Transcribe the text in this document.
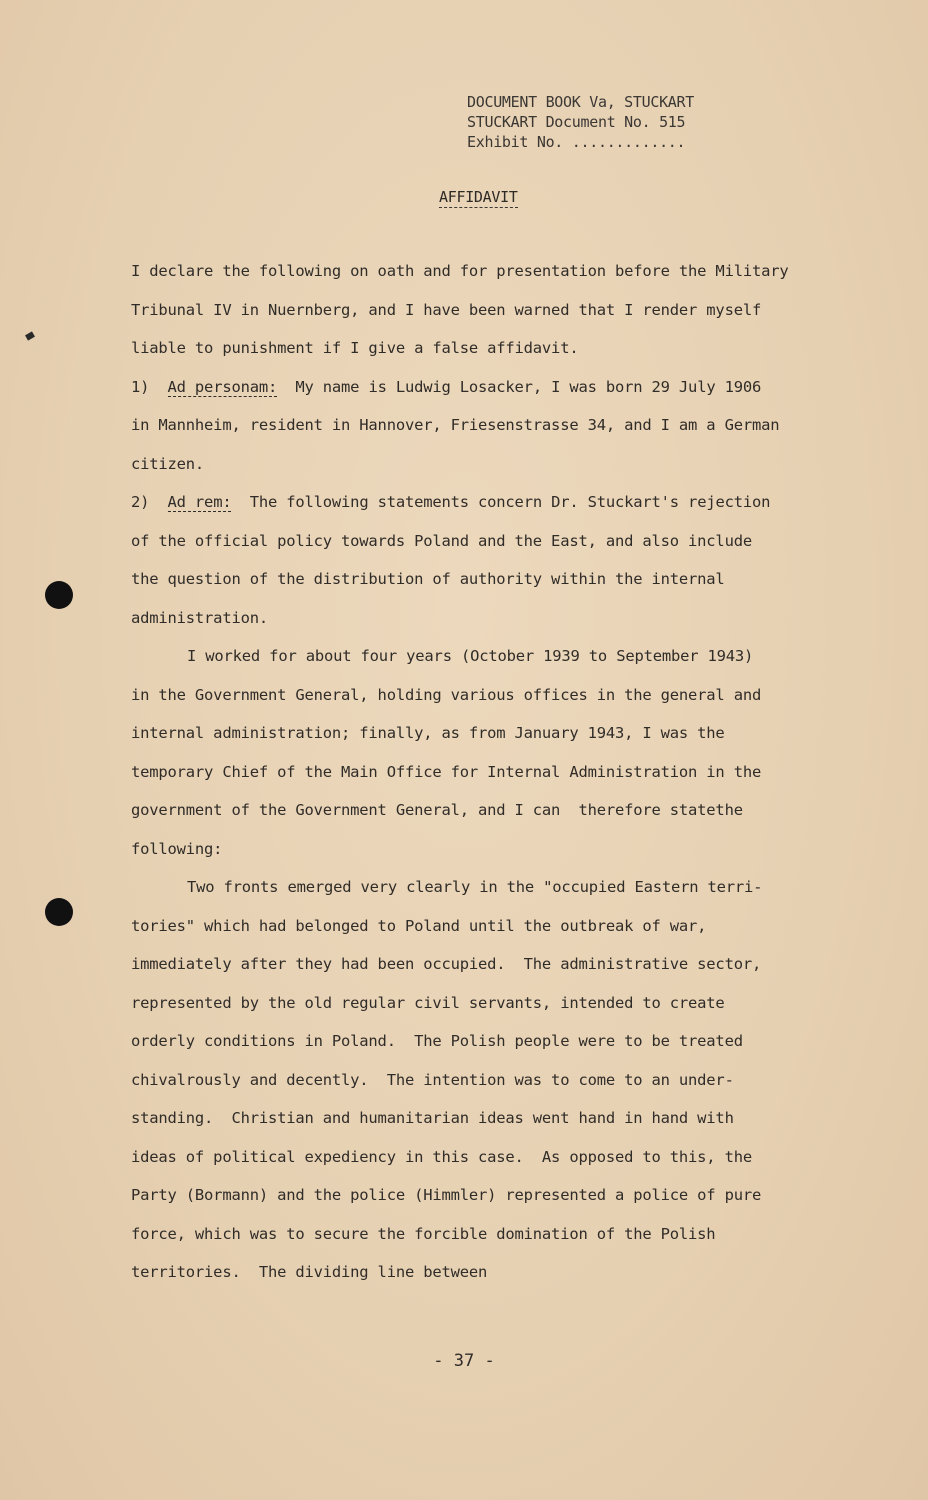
DOCUMENT BOOK Va, STUCKART
STUCKART Document No. 515
Exhibit No. .............
AFFIDAVIT
I declare the following on oath and for presentation before the Military
Tribunal IV in Nuernberg, and I have been warned that I render myself
liable to punishment if I give a false affidavit.
1) Ad personam: My name is Ludwig Losacker, I was born 29 July 1906
in Mannheim, resident in Hannover, Friesenstrasse 34, and I am a German
citizen.
2) Ad rem: The following statements concern Dr. Stuckart's rejection
of the official policy towards Poland and the East, and also include
the question of the distribution of authority within the internal
administration.
I worked for about four years (October 1939 to September 1943)
in the Government General, holding various offices in the general and
internal administration; finally, as from January 1943, I was the
temporary Chief of the Main Office for Internal Administration in the
government of the Government General, and I can  therefore statethe
following:
Two fronts emerged very clearly in the "occupied Eastern terri-
tories" which had belonged to Poland until the outbreak of war,
immediately after they had been occupied.  The administrative sector,
represented by the old regular civil servants, intended to create
orderly conditions in Poland.  The Polish people were to be treated
chivalrously and decently.  The intention was to come to an under-
standing.  Christian and humanitarian ideas went hand in hand with
ideas of political expediency in this case.  As opposed to this, the
Party (Bormann) and the police (Himmler) represented a police of pure
force, which was to secure the forcible domination of the Polish
territories.  The dividing line between
- 37 -
